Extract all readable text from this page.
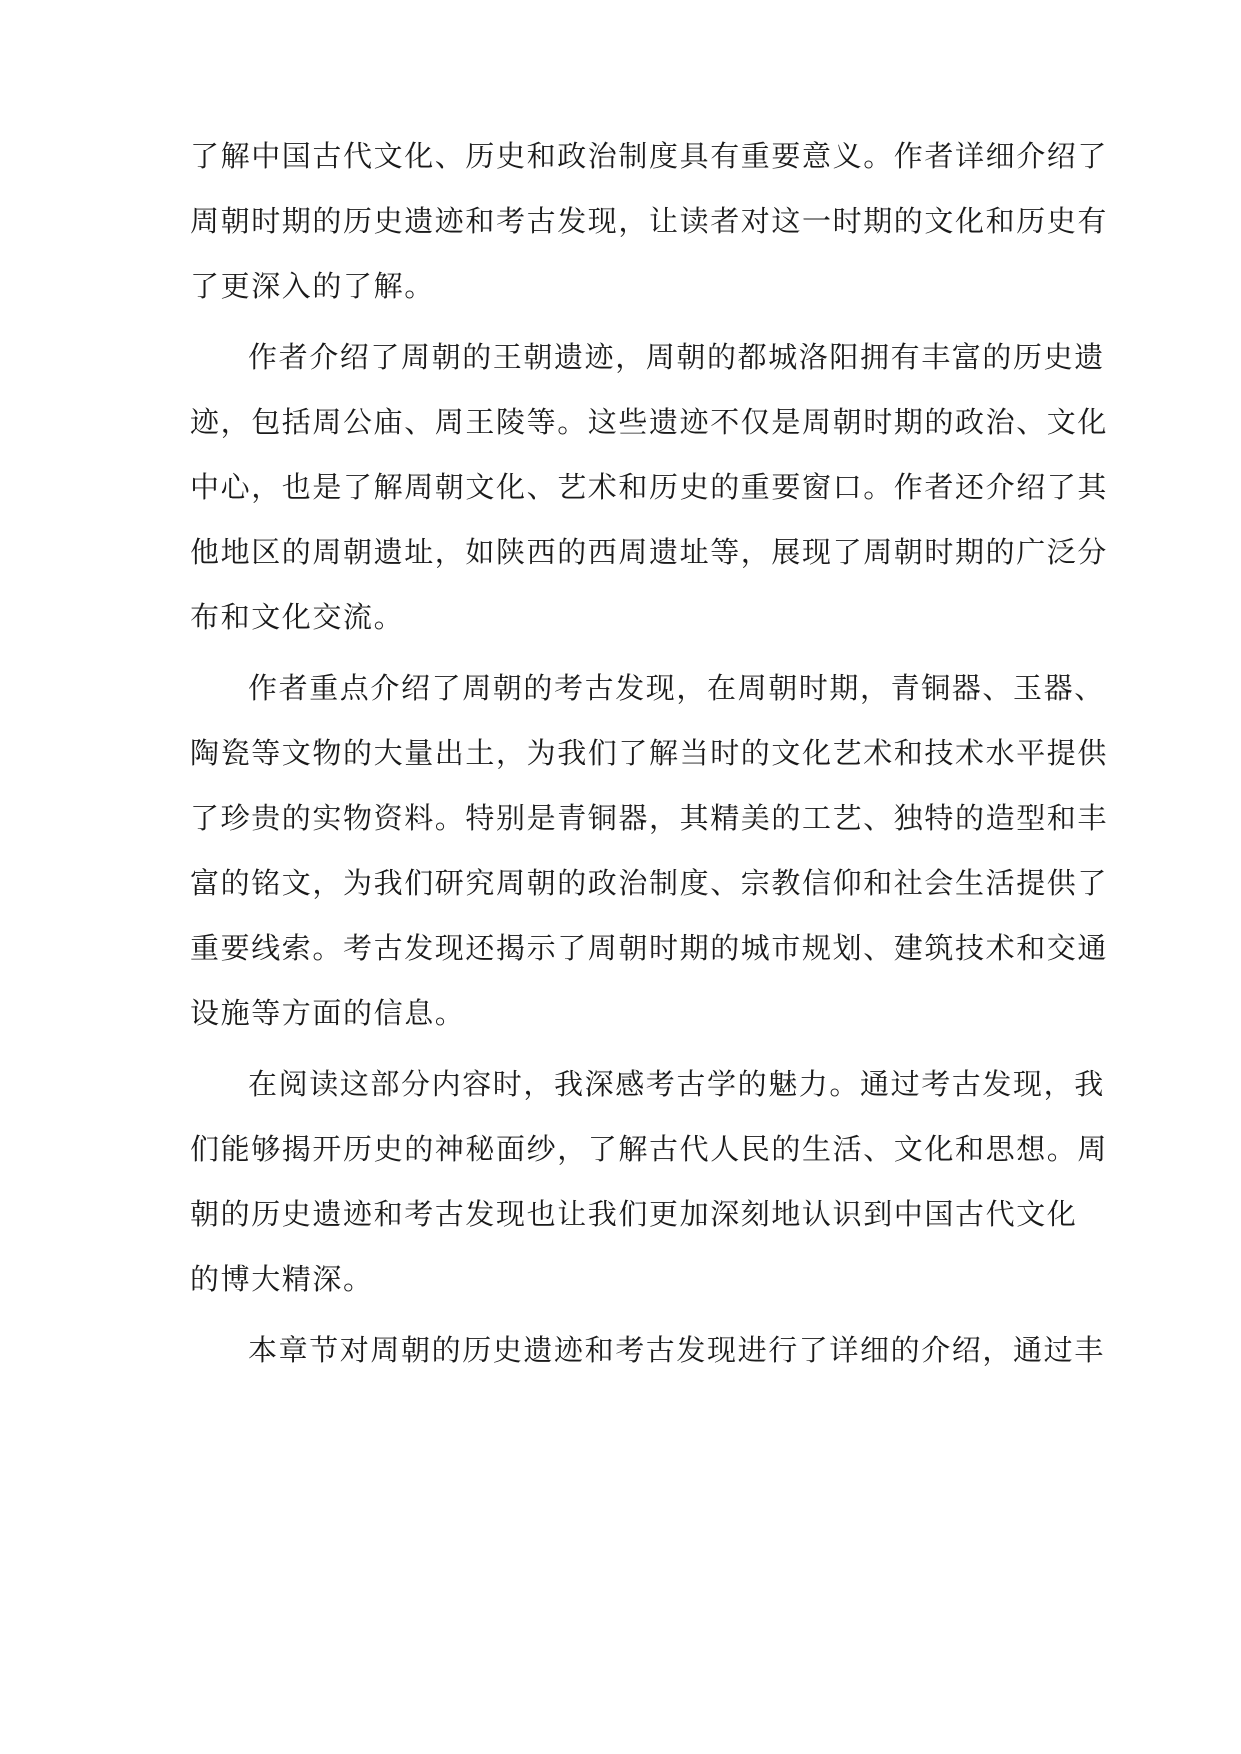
了解中国古代文化、历史和政治制度具有重要意义。作者详细介绍了
周朝时期的历史遗迹和考古发现，让读者对这一时期的文化和历史有
了更深入的了解。
作者介绍了周朝的王朝遗迹，周朝的都城洛阳拥有丰富的历史遗
迹，包括周公庙、周王陵等。这些遗迹不仅是周朝时期的政治、文化
中心，也是了解周朝文化、艺术和历史的重要窗口。作者还介绍了其
他地区的周朝遗址，如陕西的西周遗址等，展现了周朝时期的广泛分
布和文化交流。
作者重点介绍了周朝的考古发现，在周朝时期，青铜器、玉器、
陶瓷等文物的大量出土，为我们了解当时的文化艺术和技术水平提供
了珍贵的实物资料。特别是青铜器，其精美的工艺、独特的造型和丰
富的铭文，为我们研究周朝的政治制度、宗教信仰和社会生活提供了
重要线索。考古发现还揭示了周朝时期的城市规划、建筑技术和交通
设施等方面的信息。
在阅读这部分内容时，我深感考古学的魅力。通过考古发现，我
们能够揭开历史的神秘面纱，了解古代人民的生活、文化和思想。周
朝的历史遗迹和考古发现也让我们更加深刻地认识到中国古代文化
的博大精深。
本章节对周朝的历史遗迹和考古发现进行了详细的介绍，通过丰
